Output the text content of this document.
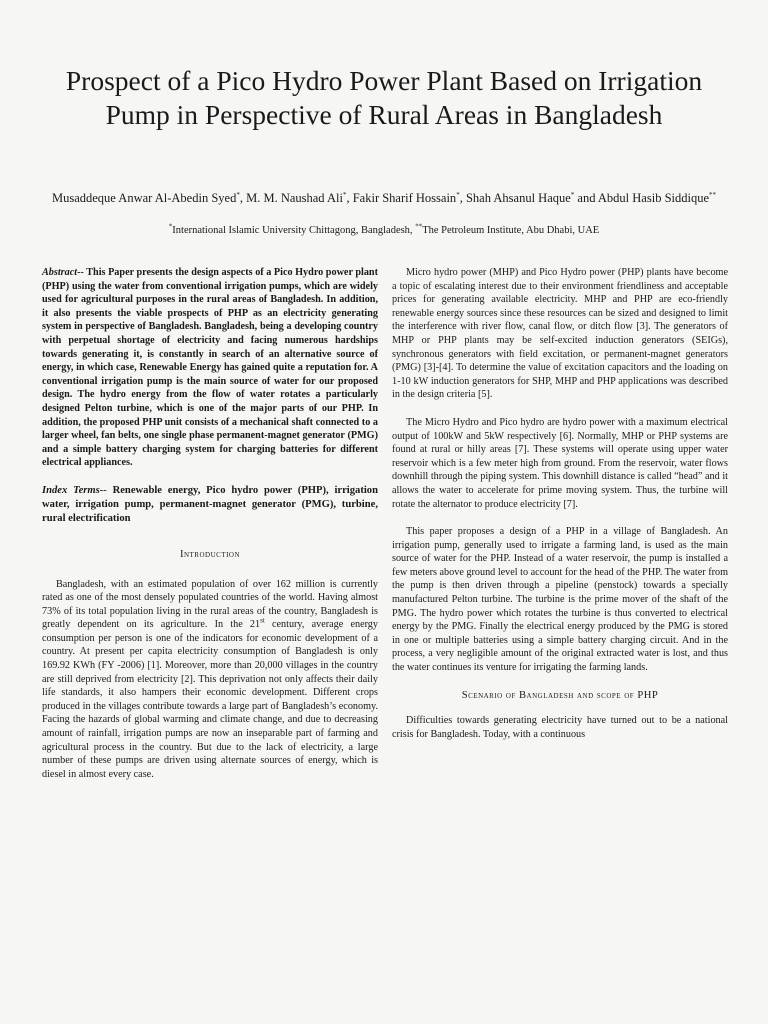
Prospect of a Pico Hydro Power Plant Based on Irrigation Pump in Perspective of Rural Areas in Bangladesh
Musaddeque Anwar Al-Abedin Syed*, M. M. Naushad Ali*, Fakir Sharif Hossain*, Shah Ahsanul Haque* and Abdul Hasib Siddique**
*International Islamic University Chittagong, Bangladesh, **The Petroleum Institute, Abu Dhabi, UAE

Abstract-- This Paper presents the design aspects of a Pico Hydro power plant (PHP) using the water from conventional irrigation pumps, which are widely used for agricultural purposes in the rural areas of Bangladesh. In addition, it also presents the viable prospects of PHP as an electricity generating system in perspective of Bangladesh. Bangladesh, being a developing country with perpetual shortage of electricity and facing numerous hardships towards generating it, is constantly in search of an alternative source of energy, in which case, Renewable Energy has gained quite a reputation for. A conventional irrigation pump is the main source of water for our proposed design. The hydro energy from the flow of water rotates a particularly designed Pelton turbine, which is one of the major parts of our PHP. In addition, the proposed PHP unit consists of a mechanical shaft connected to a larger wheel, fan belts, one single phase permanent-magnet generator (PMG) and a simple battery charging system for charging batteries for different electrical appliances.

Index Terms-- Renewable energy, Pico hydro power (PHP), irrigation water, irrigation pump, permanent-magnet generator (PMG), turbine, rural electrification

Introduction

Bangladesh, with an estimated population of over 162 million is currently rated as one of the most densely populated countries of the world. Having almost 73% of its total population living in the rural areas of the country, Bangladesh is greatly dependent on its agriculture. In the 21st century, average energy consumption per person is one of the indicators for economic development of a country. At present per capita electricity consumption of Bangladesh is only 169.92 KWh (FY -2006) [1]. Moreover, more than 20,000 villages in the country are still deprived from electricity [2]. This deprivation not only affects their daily life standards, it also hampers their economic development. Different crops produced in the villages contribute towards a large part of Bangladesh’s economy. Facing the hazards of global warming and climate change, and due to decreasing amount of rainfall, irrigation pumps are now an inseparable part of farming and agricultural process in the country. But due to the lack of electricity, a large number of these pumps are driven using alternate sources of energy, which is diesel in almost every case.

Micro hydro power (MHP) and Pico Hydro power (PHP) plants have become a topic of escalating interest due to their environment friendliness and acceptable prices for generating available electricity. MHP and PHP are eco-friendly renewable energy sources since these resources can be sized and designed to limit the interference with river flow, canal flow, or ditch flow [3]. The generators of MHP or PHP plants may be self-excited induction generators (SEIGs), synchronous generators with field excitation, or permanent-magnet generators (PMG) [3]-[4]. To determine the value of excitation capacitors and the loading on 1-10 kW induction generators for SHP, MHP and PHP applications was described in the design criteria [5].

The Micro Hydro and Pico hydro are hydro power with a maximum electrical output of 100kW and 5kW respectively [6]. Normally, MHP or PHP systems are found at rural or hilly areas [7]. These systems will operate using upper water reservoir which is a few meter high from ground. From the reservoir, water flows downhill through the piping system. This downhill distance is called “head” and it allows the water to accelerate for prime moving system. Thus, the turbine will rotate the alternator to produce electricity [7].

This paper proposes a design of a PHP in a village of Bangladesh. An irrigation pump, generally used to irrigate a farming land, is used as the main source of water for the PHP. Instead of a water reservoir, the pump is installed a few meters above ground level to account for the head of the PHP. The water from the pump is then driven through a pipeline (penstock) towards a specially manufactured Pelton turbine. The turbine is the prime mover of the shaft of the PMG. The hydro power which rotates the turbine is thus converted to electrical energy by the PMG. Finally the electrical energy produced by the PMG is stored in one or multiple batteries using a simple battery charging circuit. And in the process, a very negligible amount of the original extracted water is lost, and thus the water continues its venture for irrigating the farming lands.

Scenario of Bangladesh and scope of PHP

Difficulties towards generating electricity have turned out to be a national crisis for Bangladesh. Today, with a continuous
